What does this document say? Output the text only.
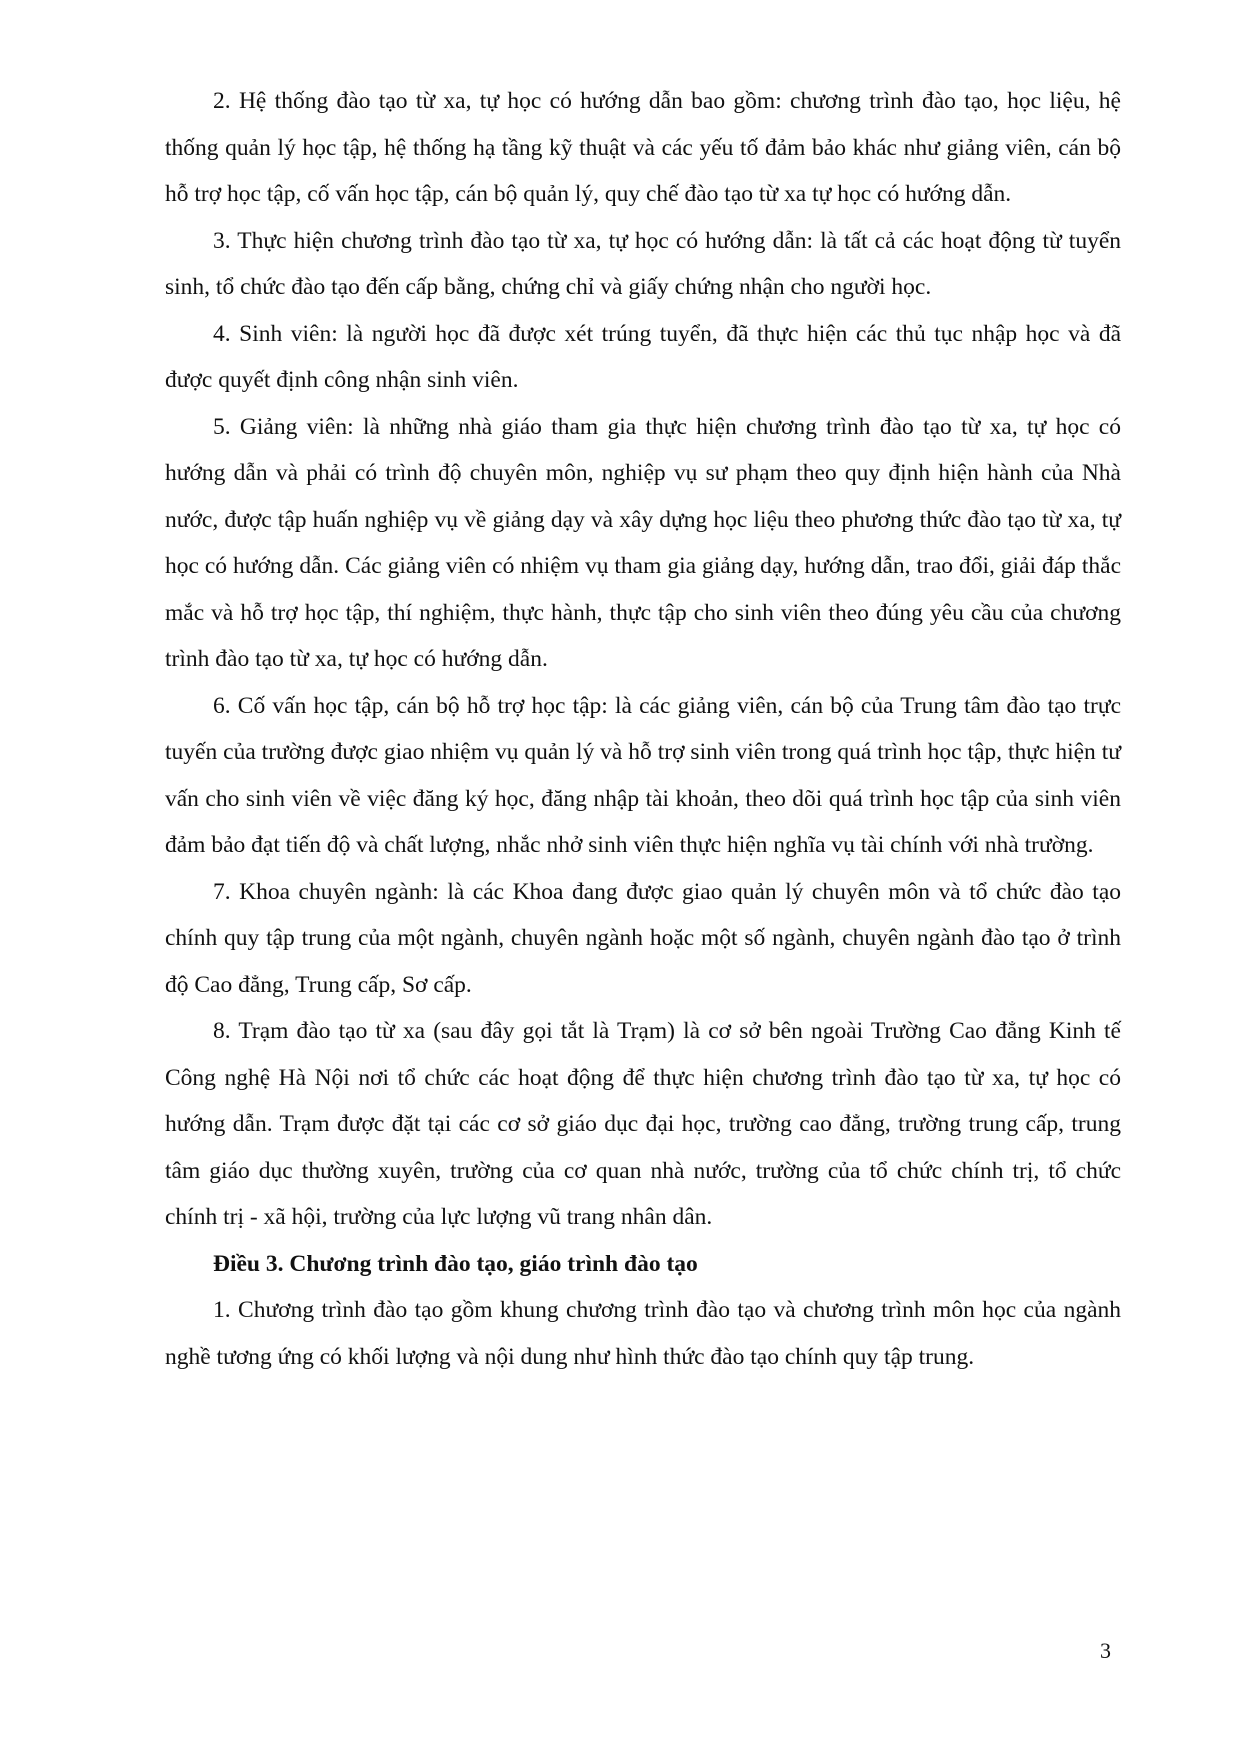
2. Hệ thống đào tạo từ xa, tự học có hướng dẫn bao gồm: chương trình đào tạo, học liệu, hệ thống quản lý học tập, hệ thống hạ tầng kỹ thuật và các yếu tố đảm bảo khác như giảng viên, cán bộ hỗ trợ học tập, cố vấn học tập, cán bộ quản lý, quy chế đào tạo từ xa tự học có hướng dẫn.

3. Thực hiện chương trình đào tạo từ xa, tự học có hướng dẫn: là tất cả các hoạt động từ tuyển sinh, tổ chức đào tạo đến cấp bằng, chứng chỉ và giấy chứng nhận cho người học.

4. Sinh viên: là người học đã được xét trúng tuyển, đã thực hiện các thủ tục nhập học và đã được quyết định công nhận sinh viên.

5. Giảng viên: là những nhà giáo tham gia thực hiện chương trình đào tạo từ xa, tự học có hướng dẫn và phải có trình độ chuyên môn, nghiệp vụ sư phạm theo quy định hiện hành của Nhà nước, được tập huấn nghiệp vụ về giảng dạy và xây dựng học liệu theo phương thức đào tạo từ xa, tự học có hướng dẫn. Các giảng viên có nhiệm vụ tham gia giảng dạy, hướng dẫn, trao đổi, giải đáp thắc mắc và hỗ trợ học tập, thí nghiệm, thực hành, thực tập cho sinh viên theo đúng yêu cầu của chương trình đào tạo từ xa, tự học có hướng dẫn.

6. Cố vấn học tập, cán bộ hỗ trợ học tập: là các giảng viên, cán bộ của Trung tâm đào tạo trực tuyến của trường được giao nhiệm vụ quản lý và hỗ trợ sinh viên trong quá trình học tập, thực hiện tư vấn cho sinh viên về việc đăng ký học, đăng nhập tài khoản, theo dõi quá trình học tập của sinh viên đảm bảo đạt tiến độ và chất lượng, nhắc nhở sinh viên thực hiện nghĩa vụ tài chính với nhà trường.

7. Khoa chuyên ngành: là các Khoa đang được giao quản lý chuyên môn và tổ chức đào tạo chính quy tập trung của một ngành, chuyên ngành hoặc một số ngành, chuyên ngành đào tạo ở trình độ Cao đẳng, Trung cấp, Sơ cấp.

8. Trạm đào tạo từ xa (sau đây gọi tắt là Trạm) là cơ sở bên ngoài Trường Cao đẳng Kinh tế Công nghệ Hà Nội nơi tổ chức các hoạt động để thực hiện chương trình đào tạo từ xa, tự học có hướng dẫn. Trạm được đặt tại các cơ sở giáo dục đại học, trường cao đẳng, trường trung cấp, trung tâm giáo dục thường xuyên, trường của cơ quan nhà nước, trường của tổ chức chính trị, tổ chức chính trị - xã hội, trường của lực lượng vũ trang nhân dân.

Điều 3. Chương trình đào tạo, giáo trình đào tạo

1. Chương trình đào tạo gồm khung chương trình đào tạo và chương trình môn học của ngành nghề tương ứng có khối lượng và nội dung như hình thức đào tạo chính quy tập trung.

3
